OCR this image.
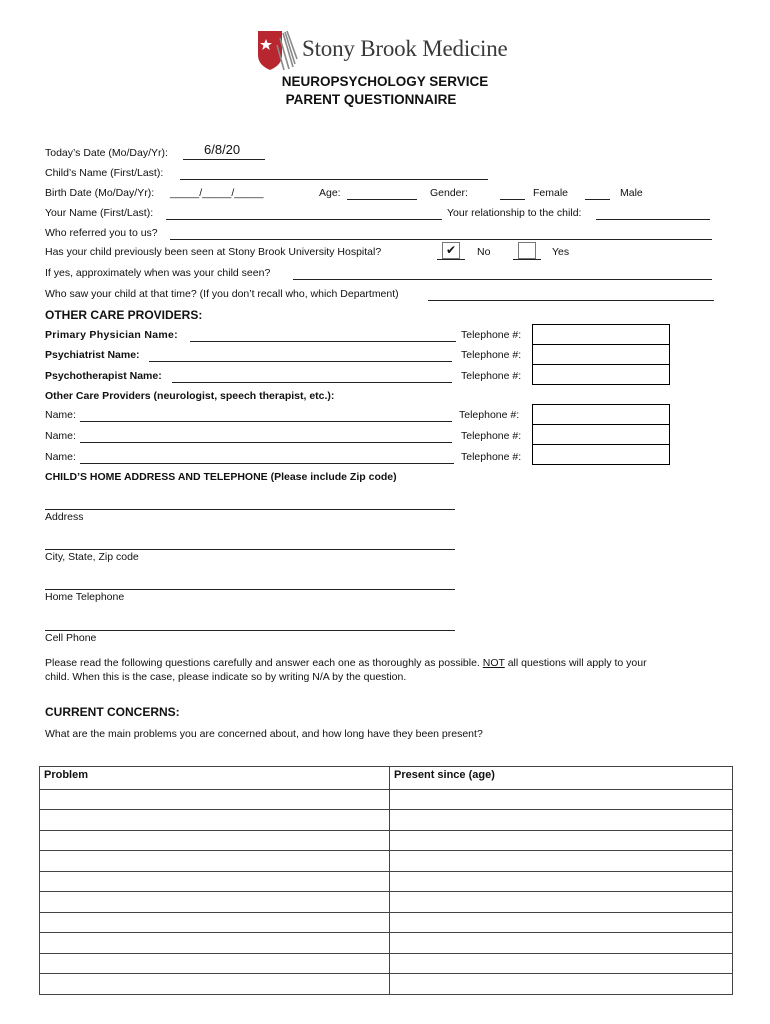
Stony Brook Medicine
NEUROPSYCHOLOGY SERVICE
PARENT QUESTIONNAIRE
Today’s Date (Mo/Day/Yr):	6/8/20
Child’s Name (First/Last):
Birth Date (Mo/Day/Yr): _____/_____/_____	Age:	Gender:	Female	Male
Your Name (First/Last):	Your relationship to the child:
Who referred you to us?
Has your child previously been seen at Stony Brook University Hospital?	✔	No	Yes
If yes, approximately when was your child seen?
Who saw your child at that time? (If you don’t recall who, which Department)
OTHER CARE PROVIDERS:
Primary Physician Name:	Telephone #:
Psychiatrist Name:	Telephone #:
Psychotherapist Name:	Telephone #:
Other Care Providers (neurologist, speech therapist, etc.):
Name:	Telephone #:
Name:	Telephone #:
Name:	Telephone #:
CHILD’S HOME ADDRESS AND TELEPHONE (Please include Zip code)
Address
City, State, Zip code
Home Telephone
Cell Phone
Please read the following questions carefully and answer each one as thoroughly as possible. NOT all questions will apply to your
child. When this is the case, please indicate so by writing N/A by the question.
CURRENT CONCERNS:
What are the main problems you are concerned about, and how long have they been present?
Problem	Present since (age)
